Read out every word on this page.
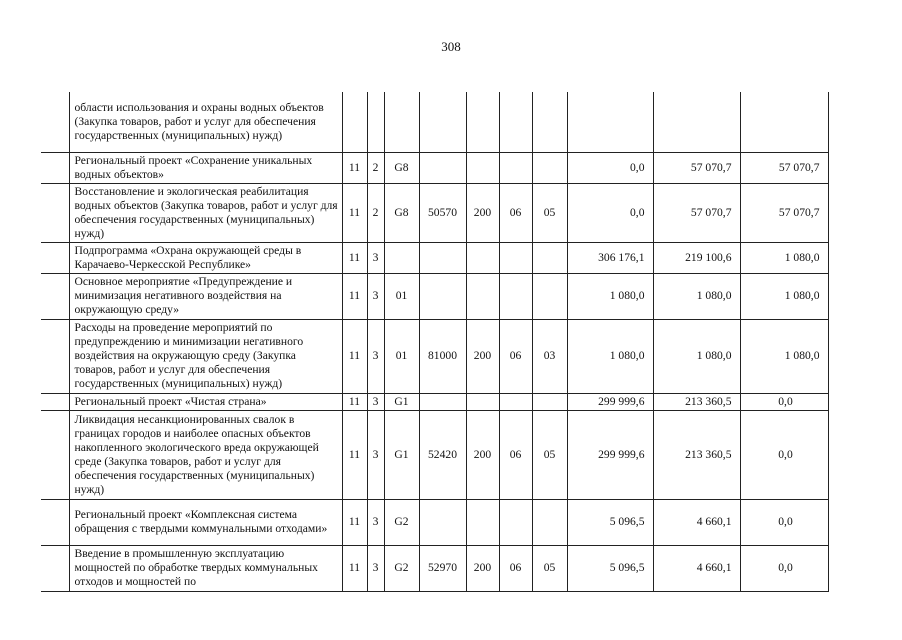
308
	области использования и охраны водных объектов (Закупка товаров, работ и услуг для обеспечения государственных (муниципальных) нужд)										
	Региональный проект «Сохранение уникальных водных объектов»	11	2	G8					0,0	57 070,7	57 070,7
	Восстановление и экологическая реабилитация водных объектов (Закупка товаров, работ и услуг для обеспечения государственных (муниципальных) нужд)	11	2	G8	50570	200	06	05	0,0	57 070,7	57 070,7
	Подпрограмма «Охрана окружающей среды в Карачаево-Черкесской Республике»	11	3						306 176,1	219 100,6	1 080,0
	Основное мероприятие «Предупреждение и минимизация негативного воздействия на окружающую среду»	11	3	01					1 080,0	1 080,0	1 080,0
	Расходы на проведение мероприятий по предупреждению и минимизации негативного воздействия на окружающую среду (Закупка товаров, работ и услуг для обеспечения государственных (муниципальных) нужд)	11	3	01	81000	200	06	03	1 080,0	1 080,0	1 080,0
	Региональный проект «Чистая страна»	11	3	G1					299 999,6	213 360,5	0,0
	Ликвидация несанкционированных свалок в границах городов и наиболее опасных объектов накопленного экологического вреда окружающей среде (Закупка товаров, работ и услуг для обеспечения государственных (муниципальных) нужд)	11	3	G1	52420	200	06	05	299 999,6	213 360,5	0,0
	Региональный проект «Комплексная система обращения с твердыми коммунальными отходами»	11	3	G2					5 096,5	4 660,1	0,0
	Введение в промышленную эксплуатацию мощностей по обработке твердых коммунальных отходов и мощностей по	11	3	G2	52970	200	06	05	5 096,5	4 660,1	0,0
